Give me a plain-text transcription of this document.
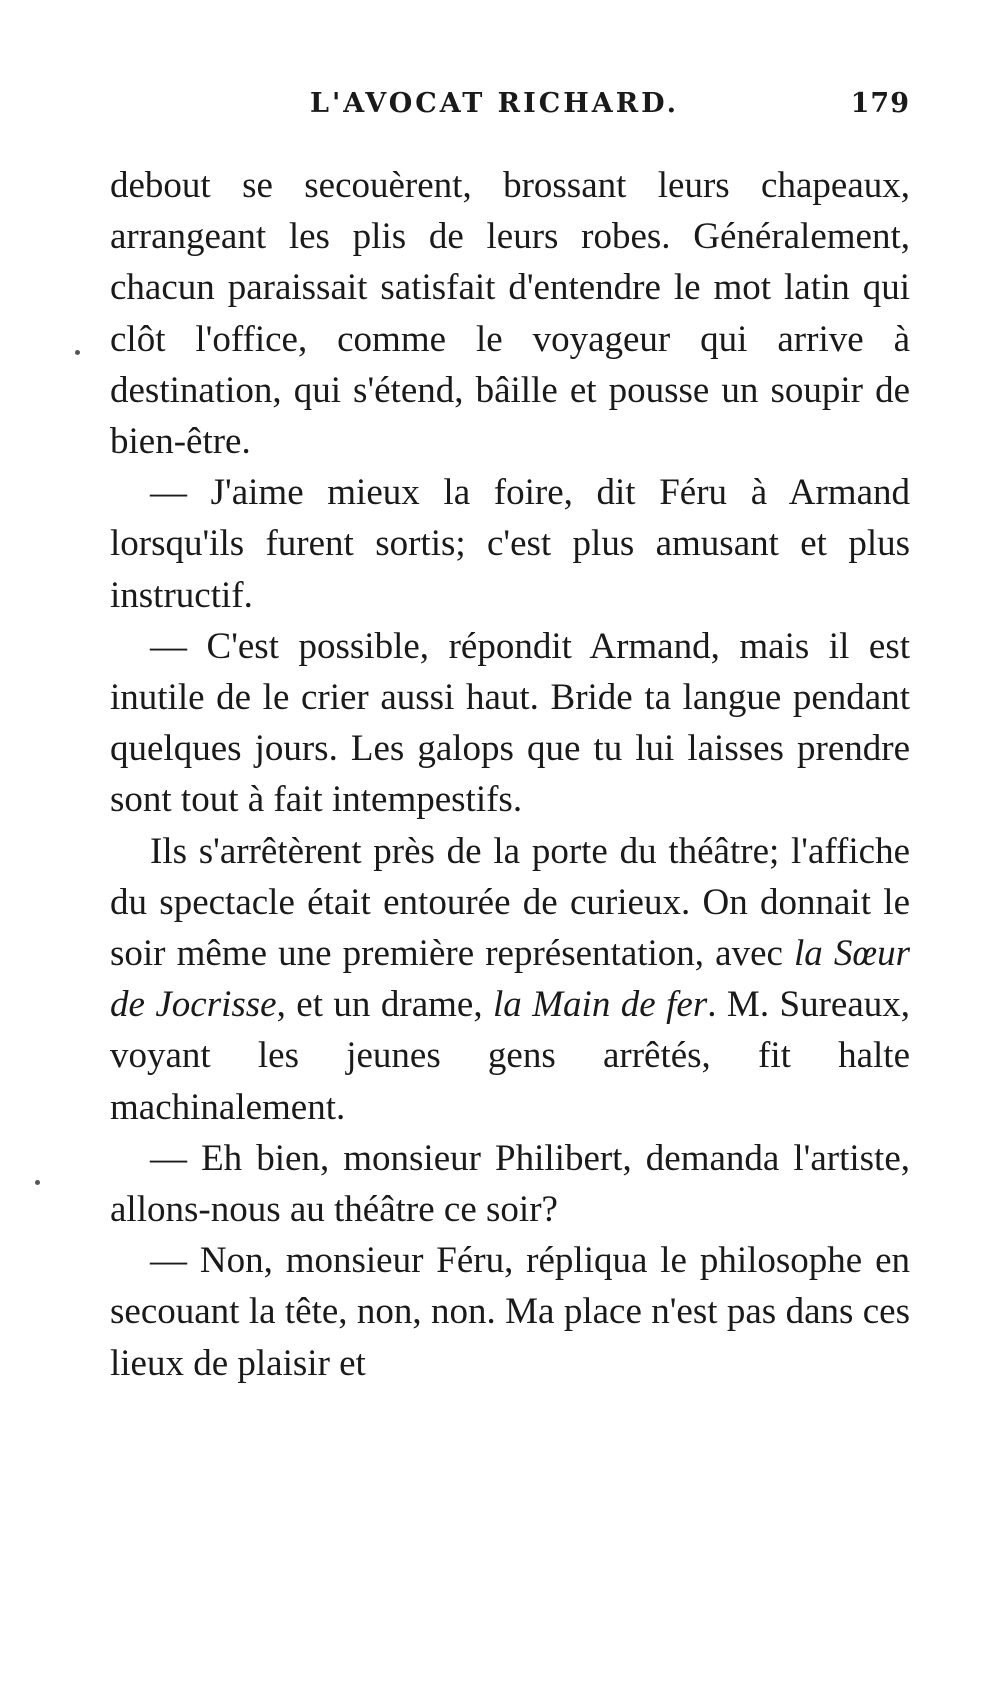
L'AVOCAT RICHARD.	179

debout se secouèrent, brossant leurs chapeaux, arrangeant les plis de leurs robes. Généralement, chacun paraissait satisfait d'entendre le mot latin qui clôt l'office, comme le voyageur qui arrive à destination, qui s'étend, bâille et pousse un soupir de bien-être.

— J'aime mieux la foire, dit Féru à Armand lorsqu'ils furent sortis; c'est plus amusant et plus instructif.

— C'est possible, répondit Armand, mais il est inutile de le crier aussi haut. Bride ta langue pendant quelques jours. Les galops que tu lui laisses prendre sont tout à fait intempestifs.

Ils s'arrêtèrent près de la porte du théâtre; l'affiche du spectacle était entourée de curieux. On donnait le soir même une première représentation, avec la Sœur de Jocrisse, et un drame, la Main de fer. M. Sureaux, voyant les jeunes gens arrêtés, fit halte machinalement.

— Eh bien, monsieur Philibert, demanda l'artiste, allons-nous au théâtre ce soir?

— Non, monsieur Féru, répliqua le philosophe en secouant la tête, non, non. Ma place n'est pas dans ces lieux de plaisir et
